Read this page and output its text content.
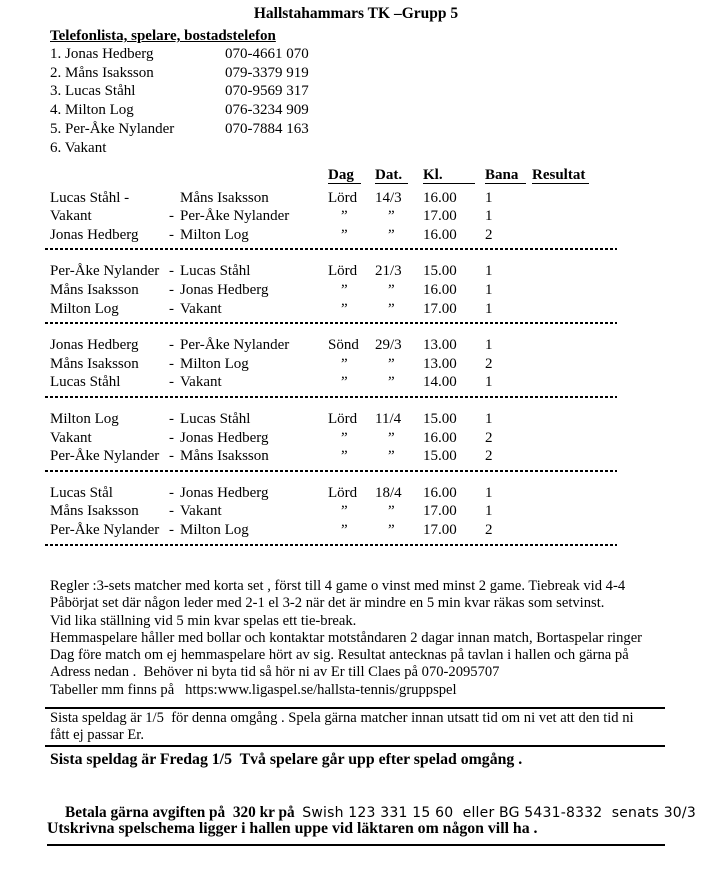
Hallstahammars TK –Grupp 5
Telefonlista, spelare, bostadstelefon
1. Jonas Hedberg	070-4661 070
2. Måns Isaksson	079-3379 919
3. Lucas Ståhl	070-9569 317
4. Milton Log	076-3234 909
5. Per-Åke Nylander	070-7884 163
6. Vakant
Dag	Dat.	Kl.	Bana Resultat
Lucas Ståhl -	Måns Isaksson	Lörd	14/3	16.00	1
Vakant	- Per-Åke Nylander	”	”	17.00	1
Jonas Hedberg	- Milton Log	”	”	16.00	2
Per-Åke Nylander - Lucas Ståhl	Lörd	21/3	15.00	1
Måns Isaksson	- Jonas Hedberg	”	”	16.00	1
Milton Log	- Vakant	”	”	17.00	1
Jonas Hedberg	- Per-Åke Nylander	Sönd	29/3	13.00	1
Måns Isaksson	- Milton Log	”	”	13.00	2
Lucas Ståhl	- Vakant	”	”	14.00	1
Milton Log	- Lucas Ståhl	Lörd	11/4	15.00	1
Vakant	- Jonas Hedberg	”	”	16.00	2
Per-Åke Nylander - Måns Isaksson	”	”	15.00	2
Lucas Stål	- Jonas Hedberg	Lörd	18/4	16.00	1
Måns Isaksson	- Vakant	”	”	17.00	1
Per-Åke Nylander - Milton Log	”	”	17.00	2
Regler :3-sets matcher med korta set , först till 4 game o vinst med minst 2 game. Tiebreak vid 4-4
Påbörjat set där någon leder med 2-1 el 3-2 när det är mindre en 5 min kvar räkas som setvinst.
Vid lika ställning vid 5 min kvar spelas ett tie-break.
Hemmaspelare håller med bollar och kontaktar motståndaren 2 dagar innan match, Bortaspelar ringer
Dag före match om ej hemmaspelare hört av sig. Resultat antecknas på tavlan i hallen och gärna på
Adress nedan .  Behöver ni byta tid så hör ni av Er till Claes på 070-2095707
Tabeller mm finns på   https:www.ligaspel.se/hallsta-tennis/gruppspel
Sista speldag är 1/5  för denna omgång . Spela gärna matcher innan utsatt tid om ni vet att den tid ni
fått ej passar Er.
Sista speldag är Fredag 1/5  Två spelare går upp efter spelad omgång .

Betala gärna avgiften på  320 kr på  Swish 123 331 15 60  eller BG 5431-8332  senats 30/3

Utskrivna spelschema ligger i hallen uppe vid läktaren om någon vill ha .
